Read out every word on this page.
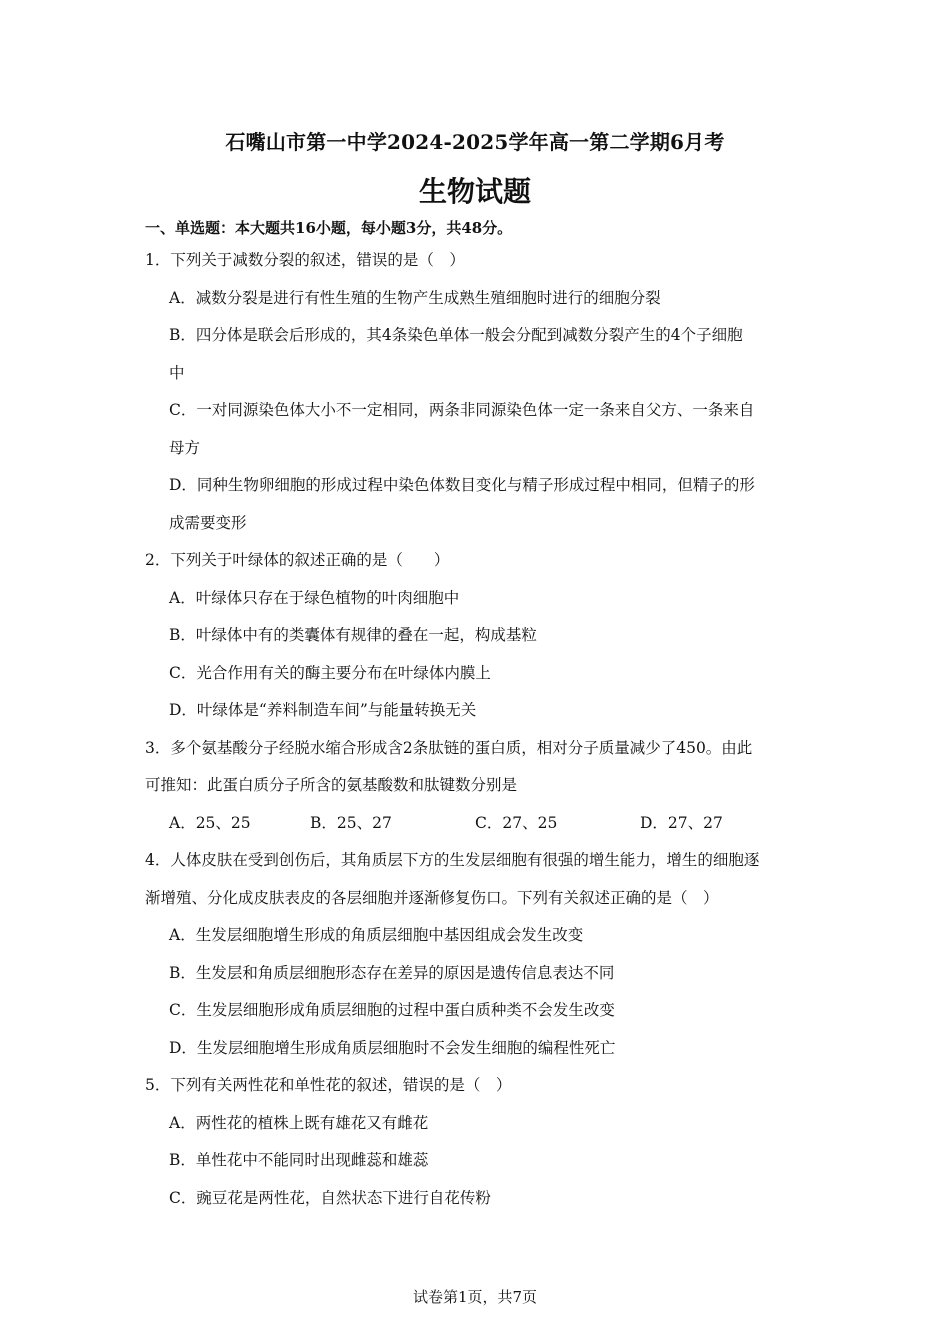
石嘴山市第一中学2024-2025学年高一第二学期6月考
生物试题
一、单选题：本大题共16小题，每小题3分，共48分。
1．下列关于减数分裂的叙述，错误的是（　）
A．减数分裂是进行有性生殖的生物产生成熟生殖细胞时进行的细胞分裂
B．四分体是联会后形成的，其4条染色单体一般会分配到减数分裂产生的4个子细胞
中
C．一对同源染色体大小不一定相同，两条非同源染色体一定一条来自父方、一条来自
母方
D．同种生物卵细胞的形成过程中染色体数目变化与精子形成过程中相同，但精子的形
成需要变形
2．下列关于叶绿体的叙述正确的是（　　）
A．叶绿体只存在于绿色植物的叶肉细胞中
B．叶绿体中有的类囊体有规律的叠在一起，构成基粒
C．光合作用有关的酶主要分布在叶绿体内膜上
D．叶绿体是“养料制造车间”与能量转换无关
3．多个氨基酸分子经脱水缩合形成含2条肽链的蛋白质，相对分子质量减少了450。由此
可推知：此蛋白质分子所含的氨基酸数和肽键数分别是
A．25、25	B．25、27	C．27、25	D．27、27
4．人体皮肤在受到创伤后，其角质层下方的生发层细胞有很强的增生能力，增生的细胞逐
渐增殖、分化成皮肤表皮的各层细胞并逐渐修复伤口。下列有关叙述正确的是（　）
A．生发层细胞增生形成的角质层细胞中基因组成会发生改变
B．生发层和角质层细胞形态存在差异的原因是遗传信息表达不同
C．生发层细胞形成角质层细胞的过程中蛋白质种类不会发生改变
D．生发层细胞增生形成角质层细胞时不会发生细胞的编程性死亡
5．下列有关两性花和单性花的叙述，错误的是（　）
A．两性花的植株上既有雄花又有雌花
B．单性花中不能同时出现雌蕊和雄蕊
C．豌豆花是两性花，自然状态下进行自花传粉
试卷第1页，共7页
